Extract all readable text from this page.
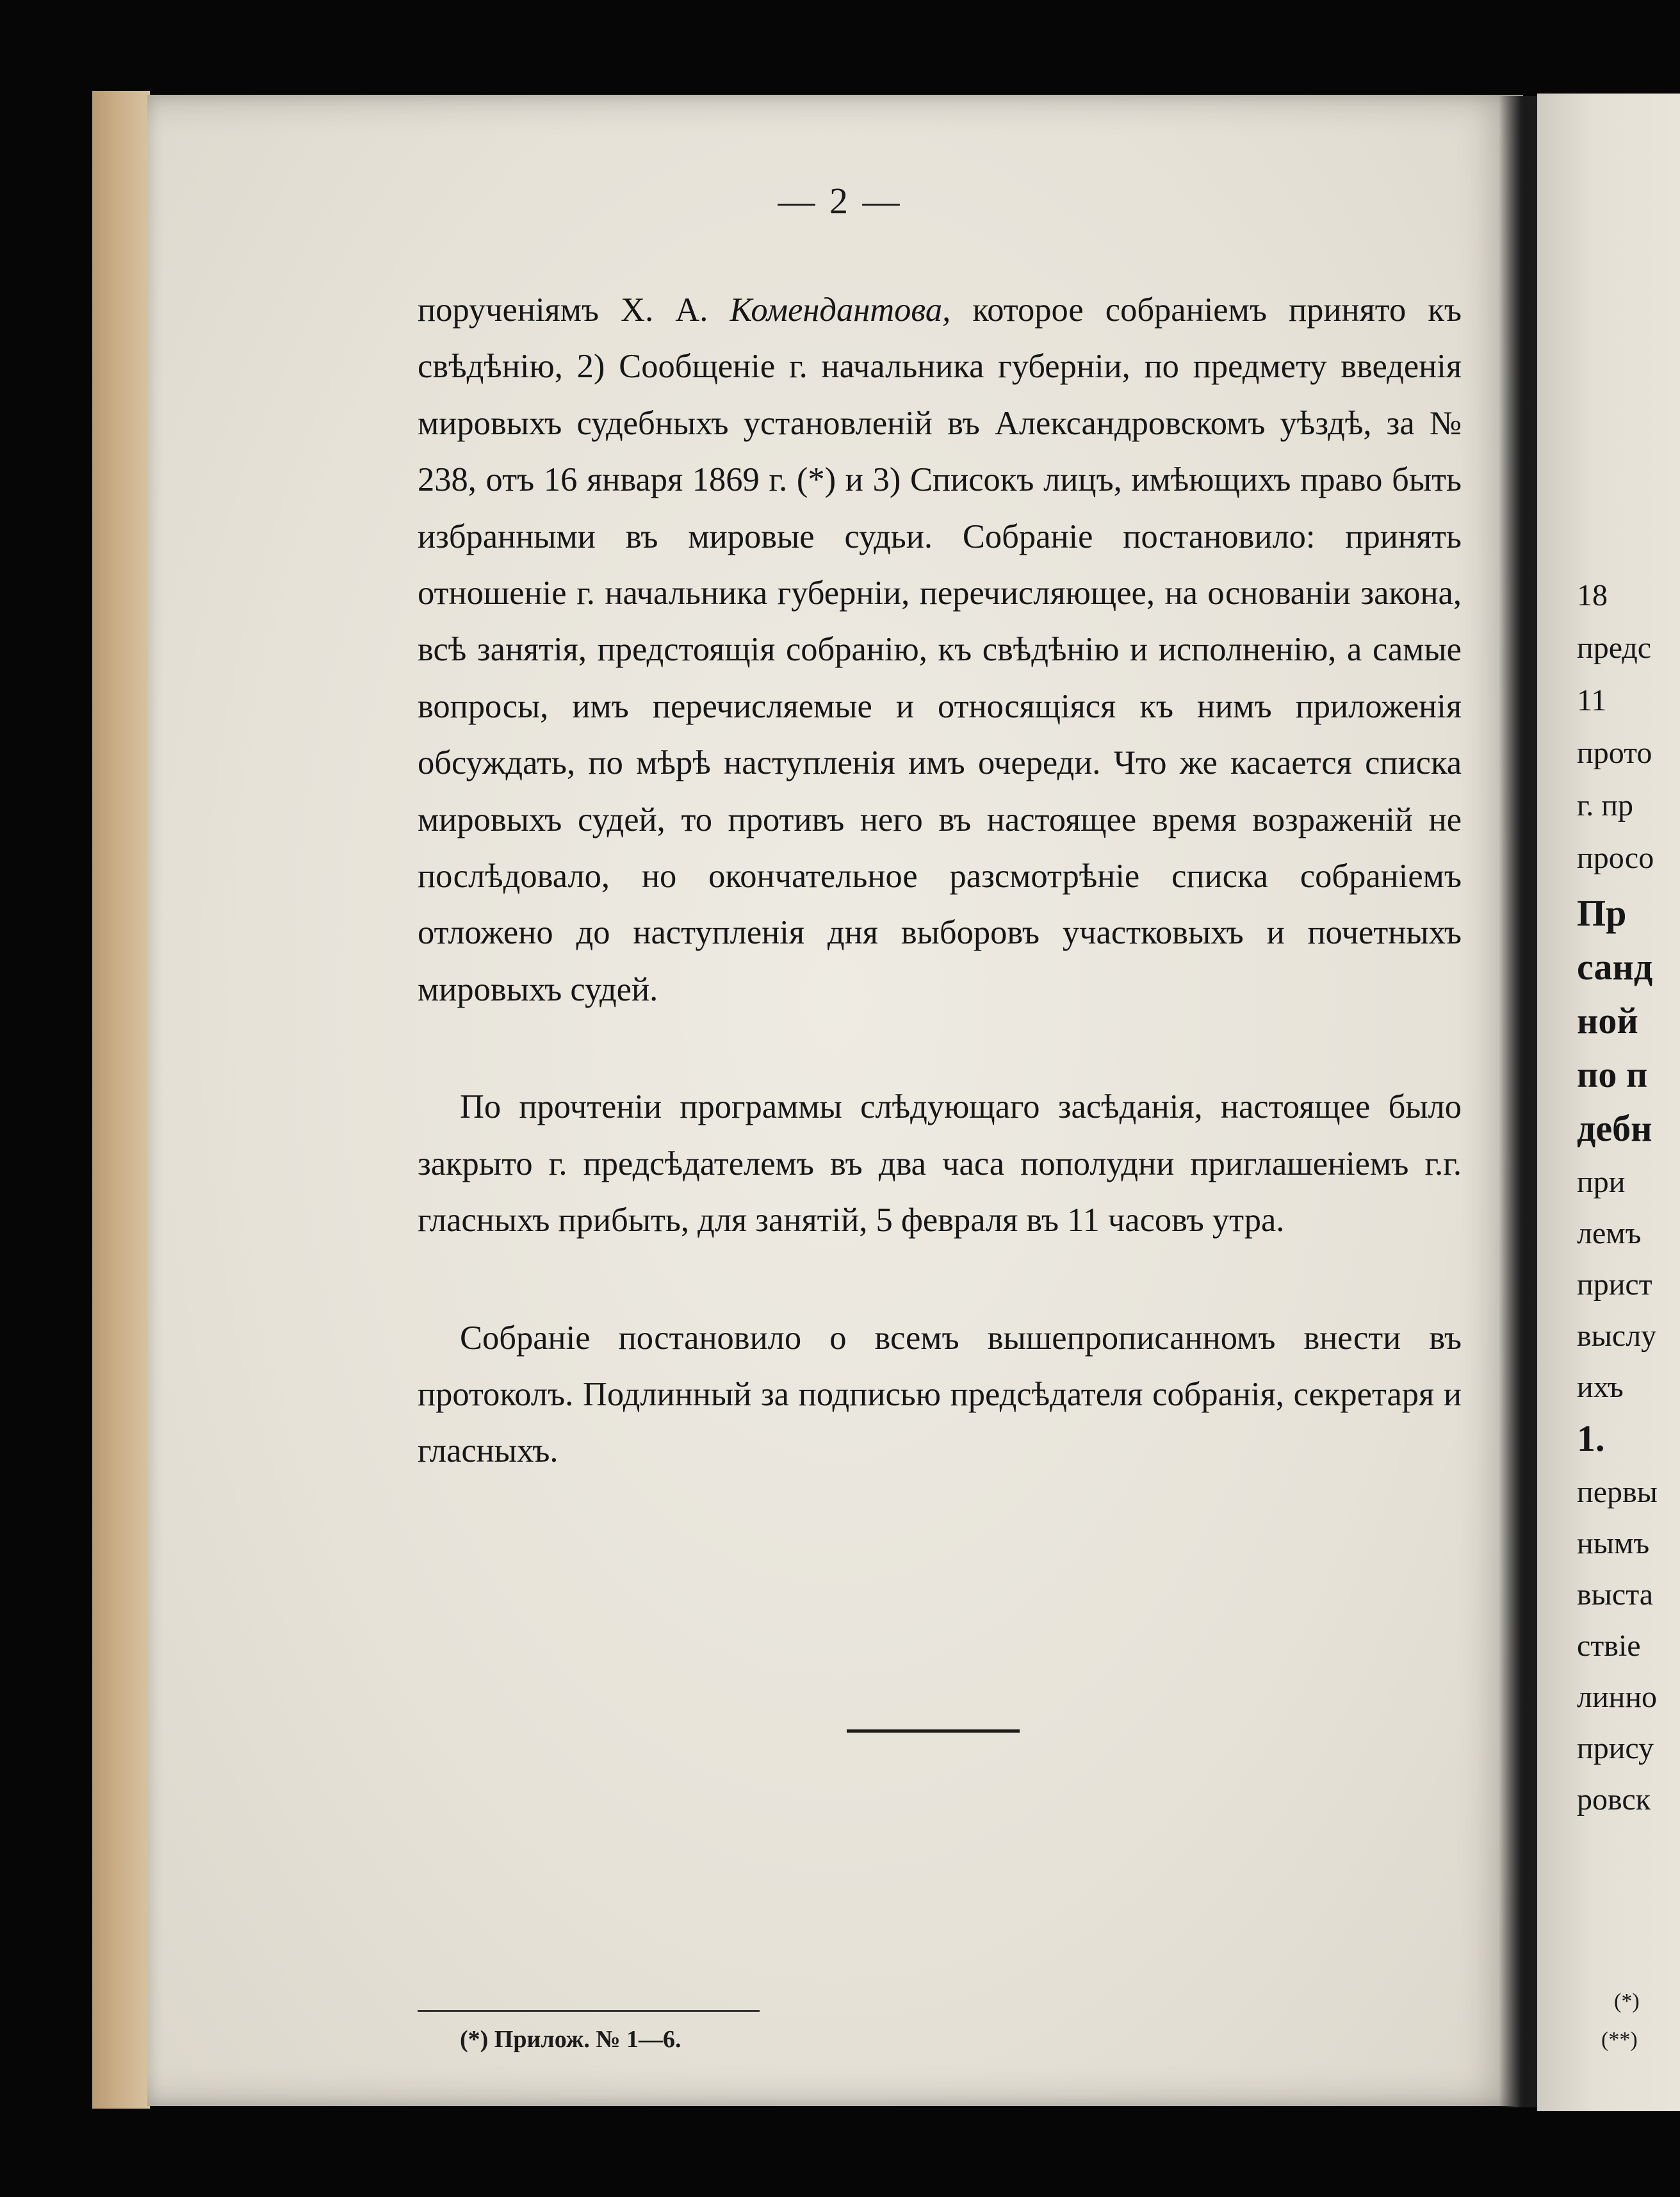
— 2 —

порученіямъ Х. А. Комендантова, которое собраніемъ принято къ свѣдѣнію, 2) Сообщеніе г. начальника губерніи, по предмету введенія мировыхъ судебныхъ установленій въ Александровскомъ уѣздѣ, за № 238, отъ 16 января 1869 г. (*) и 3) Списокъ лицъ, имѣющихъ право быть избранными въ мировые судьи. Собраніе постановило: принять отношеніе г. начальника губерніи, перечисляющее, на основаніи закона, всѣ занятія, предстоящія собранію, къ свѣдѣнію и исполненію, а самые вопросы, имъ перечисляемые и относящіяся къ нимъ приложенія обсуждать, по мѣрѣ наступленія имъ очереди. Что же касается списка мировыхъ судей, то противъ него въ настоящее время возраженій не послѣдовало, но окончательное разсмотрѣніе списка собраніемъ отложено до наступленія дня выборовъ участковыхъ и почетныхъ мировыхъ судей.

По прочтеніи программы слѣдующаго засѣданія, настоящее было закрыто г. предсѣдателемъ въ два часа пополудни приглашеніемъ г.г. гласныхъ прибыть, для занятій, 5 февраля въ 11 часовъ утра.

Собраніе постановило о всемъ вышепрописанномъ внести въ протоколъ. Подлинный за подписью предсѣдателя собранія, секретаря и гласныхъ.

(*) Прилож. № 1—6.
18
предс
11
прото
г. пр
просо
Пр
санд
ной
по п
дебн
при
лемъ
прист
выслу
ихъ
1.
первы
нымъ
выста
ствіе
линно
прису
ровск
(*)
(**)
